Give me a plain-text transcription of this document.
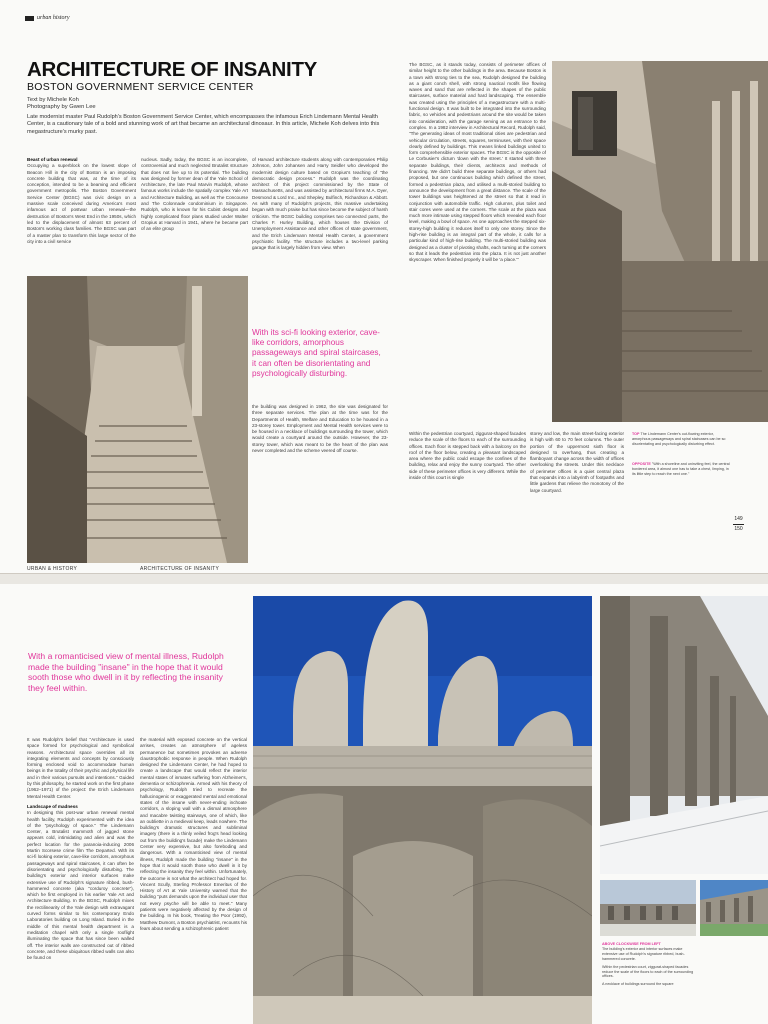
urban history
ARCHITECTURE OF INSANITY
BOSTON GOVERNMENT SERVICE CENTER
Text by Michele Koh
Photography by Gwen Lee
Late modernist master Paul Rudolph's Boston Government Service Center, which encompasses the infamous Erich Lindemann Mental Health Center, is a cautionary tale of a bold and stunning work of art that became an architectural dinosaur. In this article, Michele Koh delves into this megastructure's murky past.
Beast of urban renewal
Occupying a superblock on the lowest slope of Beacon Hill in the city of Boston is an imposing concrete building that was, at the time of its conception, intended to be a beaming and efficient government metropolis. The Boston Government Service Center (BGSC) was civic design on a massive scale conceived during America's most infamous act of postwar urban renewal—the destruction of Boston's West End in the 1950s, which led to the displacement of almost 63 percent of Boston's working class families. The BGSC was part of a master plan to transform this large sector of the city into a civil service
nucleus. Sadly, today, the BGSC is an incomplete, controversial and much neglected Brutalist structure that does not live up to its potential. The building was designed by former dean of the Yale School of Architecture, the late Paul Marvin Rudolph, whose famous works include the spatially complex Yale Art and Architecture Building, as well as The Concourse and The Colonnade condominium in Singapore. Rudolph, who is known for his Cubist designs and highly complicated floor plans studied under Walter Gropius at Harvard in 1941, where he became part of an elite group
of Harvard architecture students along with contemporaries Philip Johnson, John Johansen and Harry Seidler who developed the modernist design culture based on Gropius's teaching of "the democratic design process." Rudolph was the coordinating architect of this project commissioned by the State of Massachusetts, and was assisted by architectural firms M.A. Dyer, Desmond & Lord Inc., and Shepley, Bulfinch, Richardson & Abbott. As with many of Rudolph's projects, this massive undertaking began with much praise but has since become the subject of harsh criticism. The BGSC building comprises two connected parts, the Charles F. Hurley Building, which houses the Division of Unemployment Assistance and other offices of state government, and the Erich Lindemann Mental Health Center, a government psychiatric facility. The structure includes a two-level parking garage that is largely hidden from view. When
With its sci-fi looking exterior, cave-like corridors, amorphous passageways and spiral staircases, it can often be disorientating and psychologically disturbing.
the building was designed in 1962, the site was designated for three separate services. The plan at the time was for the Departments of Health, Welfare and Education to be housed in a 23-storey tower. Employment and Mental Health services were to be housed in a necklace of buildings surrounding the tower, which would create a courtyard around the outside. However, the 23-storey tower, which was meant to be the heart of the plan was never completed and the scheme veered off course.
The BGSC, as it stands today, consists of perimeter offices of similar height to the other buildings in the area. Because Boston is a town with strong ties to the sea, Rudolph designed the building as a giant conch shell, with strong nautical motifs like flowing waves and sand that are reflected in the shapes of the public staircases, surface material and hard landscaping. The ensemble was created using the principles of a megastructure with a multi-functional design. It was built to be integrated into the surrounding fabric, so vehicles and pedestrians around the site would be taken into consideration, with the garage serving as an entrance to the complex. In a 1982 interview in Architectural Record, Rudolph said, "The generating ideas of most traditional cities are pedestrian and vehicular circulation, streets, squares, terminuses, with their space clearly defined by buildings. This means linked buildings united to form comprehensible exterior spaces. The BGSC is the opposite of Le Corbusier's dictum 'down with the street.' It started with three separate buildings, their clients, architects and methods of financing. We didn't build three separate buildings, or others had proposed, but one continuous building which defined the street, formed a pedestrian plaza, and utilised a multi-storied building to announce the development from a great distance. The scale of the tower buildings was heightened at the street so that it read in conjunction with automobile traffic. High columns, plus toilet and stair cores were used at the corners. The scale at the plaza was much more intimate using stepped floors which revealed each floor level, making a bowl of space. As one approaches the stepped six-storey-high building it reduces itself to only one storey. Since the high-rise building is an integral part of the whole, it calls for a particular kind of high-rise building. The multi-storied building was designed as a cluster of pivoting shafts, each turning at the corners so that it leads the pedestrian into the plaza. It is not just another skyscraper. When finished properly it will be 'a place.'"
Within the pedestrian courtyard, ziggurat-shaped facades reduce the scale of the floors to each of the surrounding offices. Each floor is stepped back with a balcony on the roof of the floor below, creating a pleasant landscaped area where the public could escape the confines of the building, relax and enjoy the sunny courtyard. The other side of these perimeter offices is very different. While the inside of this court is single
storey and low, the main street-facing exterior is high with 60 to 70 feet columns. The outer portion of the uppermost sixth floor is designed to overhang, thus creating a flamboyant change across the width of offices overlooking the streets. Under this necklace of perimeter offices is a quiet central plaza that expands into a labyrinth of footpaths and little gardens that relieve the monotony of the large courtyard.
TOP The Lindemann Center's out-flowing exterior, amorphous passageways and spiral staircases can be so disorientating and psychologically disturbing effect.
OPPOSITE "With a shoreline and uninviting feel, the central bordered area, it almost one has to take a chest, limping, in its little step to reach the next one."
149
150
URBAN & HISTORY	ARCHITECTURE OF INSANITY
With a romanticised view of mental illness, Rudolph made the building "insane" in the hope that it would sooth those who dwell in it by reflecting the insanity they feel within.
It was Rudolph's belief that "Architecture is used space formed for psychological and symbolical reasons. Architectural space overrides all its integrating elements and concepts by consciously forming enclosed void to accommodate human beings in the totality of their psychic and physical life and in their various pursuits and intentions." Guided by this philosophy, he started work on the first phase (1962–1971) of the project: the Erich Lindemann Mental Health Center.
Landscape of madness
In designing this post-war urban renewal mental health facility, Rudolph experimented with the idea of the "psychology of space." The Lindemann Center, a Brutalist mammoth of jagged stone appears cold, intimidating and alien and was the perfect location for the paranoia-inducing 2006 Martin Scorsese crime film The Departed. With its sci-fi looking exterior, cave-like corridors, amorphous passageways and spiral staircases, it can often be disorientating and psychologically disturbing. The building's exterior and interior surfaces make extensive use of Rudolph's signature ribbed, bush-hammered concrete (aka "corduroy concrete"), which he first employed in his earlier Yale Art and Architecture Building. In the BGSC, Rudolph mixes the rectilinearity of the Yale design with extravagant curved forms similar to his contemporary Endo Laboratories building on Long Island. Buried in the middle of this mental health department is a meditation chapel with only a single rooflight illuminating the space that has since been walled off. The interior walls are constructed out of ribbed concrete, and these ubiquitous ribbed walls can also be found on
the material with exposed concrete on the vertical arrises, creates an atmosphere of ageless permanence but sometimes provokes an adverse claustrophobic response in people. When Rudolph designed the Lindemann Center, he had hoped to create a landscape that would reflect the interior mental states of inmates suffering from Alzheimer's, dementia or schizophrenia. Armed with his theory of psychology, Rudolph tried to recreate the hallucinogenic or exaggerated mental and emotional states of the insane with never-ending inchoate corridors, a sloping wall with a dismal atmosphere and macabre twisting stairways, one of which, like an oubliette in a medieval keep, leads nowhere. The building's dramatic structures and subliminal imagery (there is a thinly veiled frog's head looking out from the building's facade) make the Lindemann Center very expensive, but also foreboding and dangerous. With a romanticised view of mental illness, Rudolph made the building "insane" in the hope that it would sooth those who dwell in it by reflecting the insanity they feel within. Unfortunately, the outcome is not what the architect had hoped for. Vincent Scully, Sterling Professor Emeritus of the History of Art at Yale University warned that the building "puts demands upon the individual user that not every psyche will be able to meet." Many patients were negatively affected by the design of the building. In his book, Treating the Poor (1992), Matthew Dumont, a Boston psychiatrist, recounts his fears about sending a schizophrenic patient
ABOVE CLOCKWISE FROM LEFT
The building's exterior and interior surfaces make extensive use of Rudolph's signature ribbed, bush-hammered concrete.
Within the pedestrian court, ziggurat-shaped facades reduce the scale of the floors to each of the surrounding offices.
A necklace of buildings surround the square
